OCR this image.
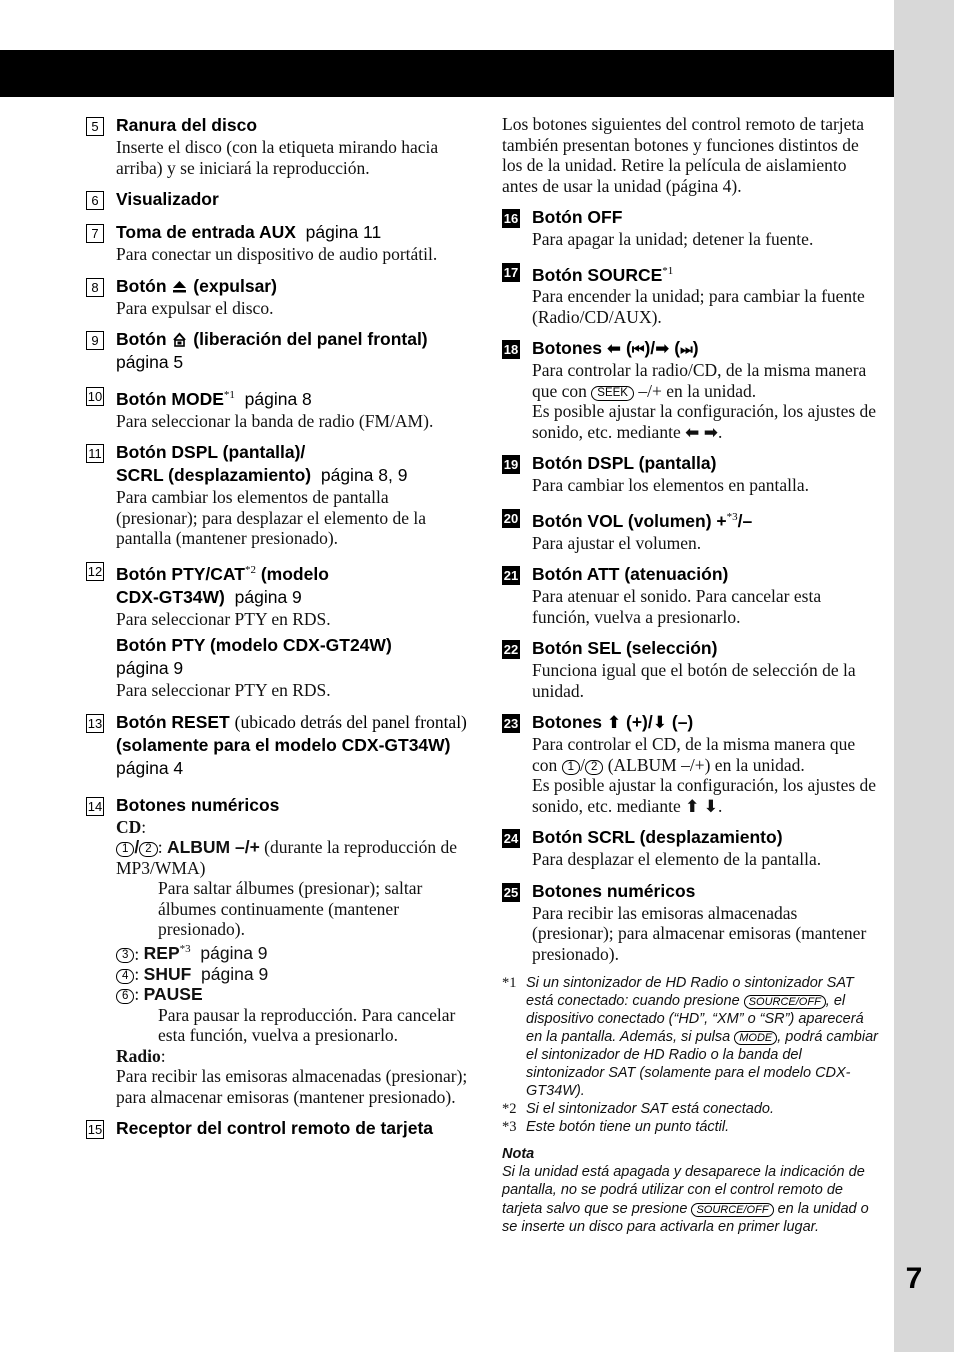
7
5 Ranura del disco
Inserte el disco (con la etiqueta mirando hacia arriba) y se iniciará la reproducción.
6 Visualizador
7 Toma de entrada AUX página 11
Para conectar un dispositivo de audio portátil.
8 Botón (expulsar)
Para expulsar el disco.
9 Botón (liberación del panel frontal)
página 5
10 Botón MODE$^{*1}$ página 8
Para seleccionar la banda de radio (FM/AM).
11 Botón DSPL (pantalla)/
SCRL (desplazamiento) página 8, 9
Para cambiar los elementos de pantalla (presionar); para desplazar el elemento de la pantalla (mantener presionado).
12 Botón PTY/CAT$^{*2}$ (modelo
CDX-GT34W) página 9
Para seleccionar PTY en RDS.
Botón PTY (modelo CDX-GT24W)
página 9
Para seleccionar PTY en RDS.
13 Botón RESET (ubicado detrás del panel frontal) (solamente para el modelo CDX-GT34W)  página 4
14 Botones numéricos
CD:
1 / 2 : ALBUM –/+ (durante la reproducción de MP3/WMA)
Para saltar álbumes (presionar); saltar álbumes continuamente (mantener presionado).
3 : REP$^{*3}$ página 9
4 : SHUF página 9
6 : PAUSE
Para pausar la reproducción. Para cancelar esta función, vuelva a presionarlo.
Radio:
Para recibir las emisoras almacenadas (presionar); para almacenar emisoras (mantener presionado).
15 Receptor del control remoto de tarjeta
Los botones siguientes del control remoto de tarjeta también presentan botones y funciones distintos de los de la unidad. Retire la película de aislamiento antes de usar la unidad (página 4).
16 Botón OFF
Para apagar la unidad; detener la fuente.
17 Botón SOURCE$^{*1}$
Para encender la unidad; para cambiar la fuente (Radio/CD/AUX).
18 Botones ⬅ (⏮)/➡ (⏭)
Para controlar la radio/CD, de la misma manera que con SEEK –/+ en la unidad.
Es posible ajustar la configuración, los ajustes de sonido, etc. mediante ⬅ ➡.
19 Botón DSPL (pantalla)
Para cambiar los elementos en pantalla.
20 Botón VOL (volumen) +$^{*3}$/–
Para ajustar el volumen.
21 Botón ATT (atenuación)
Para atenuar el sonido. Para cancelar esta función, vuelva a presionarlo.
22 Botón SEL (selección)
Funciona igual que el botón de selección de la unidad.
23 Botones ⬆ (+)/⬇ (–)
Para controlar el CD, de la misma manera que con 1 / 2 (ALBUM –/+) en la unidad.
Es posible ajustar la configuración, los ajustes de sonido, etc. mediante ⬆ ⬇.
24 Botón SCRL (desplazamiento)
Para desplazar el elemento de la pantalla.
25 Botones numéricos
Para recibir las emisoras almacenadas (presionar); para almacenar emisoras (mantener presionado).
*1 Si un sintonizador de HD Radio o sintonizador SAT está conectado: cuando presione SOURCE/OFF , el dispositivo conectado (“HD”, “XM” o “SR”) aparecerá en la pantalla. Además, si pulsa MODE , podrá cambiar el sintonizador de HD Radio o la banda del sintonizador SAT (solamente para el modelo CDX-GT34W).
*2 Si el sintonizador SAT está conectado.
*3 Este botón tiene un punto táctil.
Nota
Si la unidad está apagada y desaparece la indicación de pantalla, no se podrá utilizar con el control remoto de tarjeta salvo que se presione SOURCE/OFF en la unidad o se inserte un disco para activarla en primer lugar.
